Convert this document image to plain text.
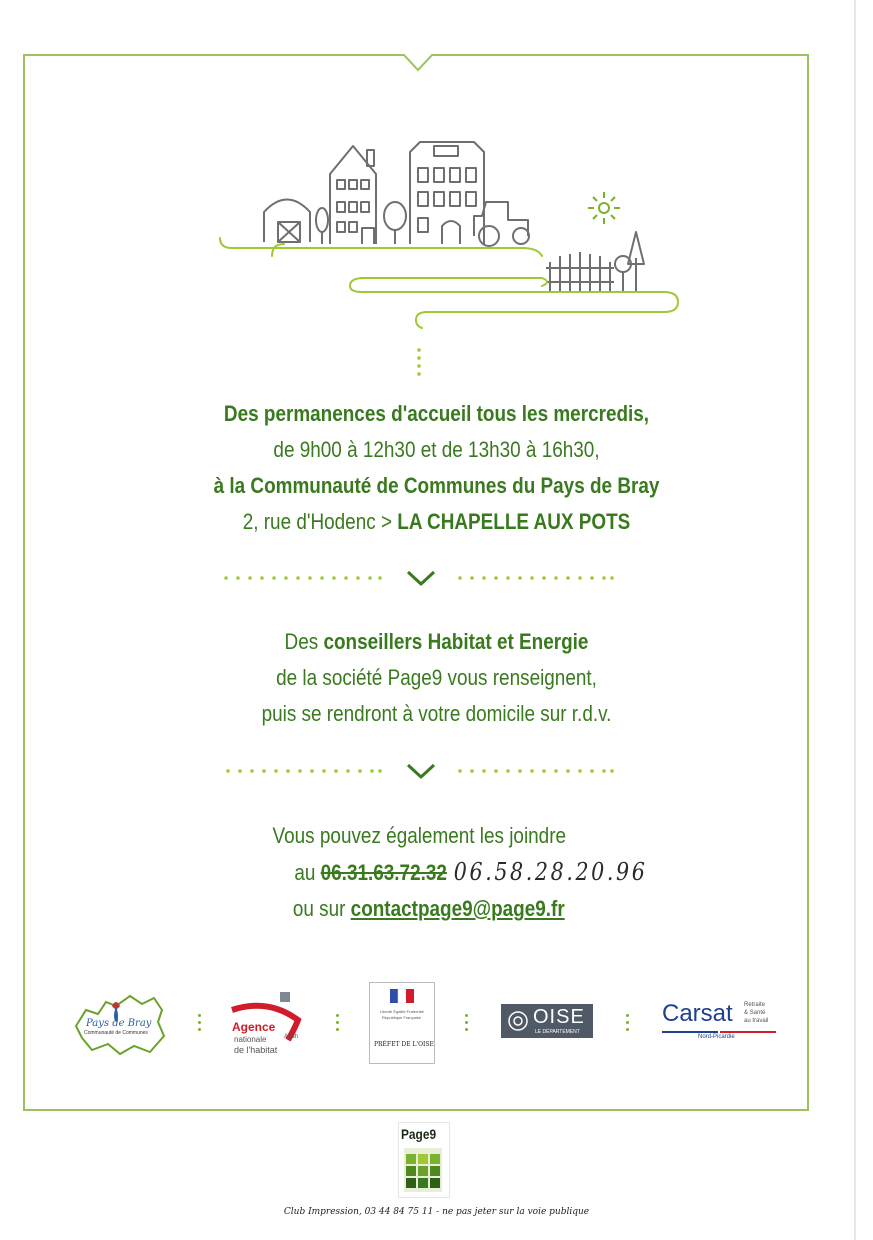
Des permanences d'accueil tous les mercredis,
de 9h00 à 12h30 et de 13h30 à 16h30,
à la Communauté de Communes du Pays de Bray
2, rue d'Hodenc > LA CHAPELLE AUX POTS
Des conseillers Habitat et Energie
de la société Page9 vous renseignent,
puis se rendront à votre domicile sur r.d.v.
Vous pouvez également les joindre
au 06.31.63.72.32 06.58.28.20.96
ou sur contactpage9@page9.fr
Pays de Bray
Communauté de Communes	Agence
nationale
de l'habitat
Anah
Liberté Égalité Fraternité
République Française
PRÉFET DE L'OISE
OISE
LE DÉPARTEMENT
Carsat Retraite
& Santé
au travail
Nord-Picardie
Page9
Club Impression, 03 44 84 75 11 - ne pas jeter sur la voie publique
